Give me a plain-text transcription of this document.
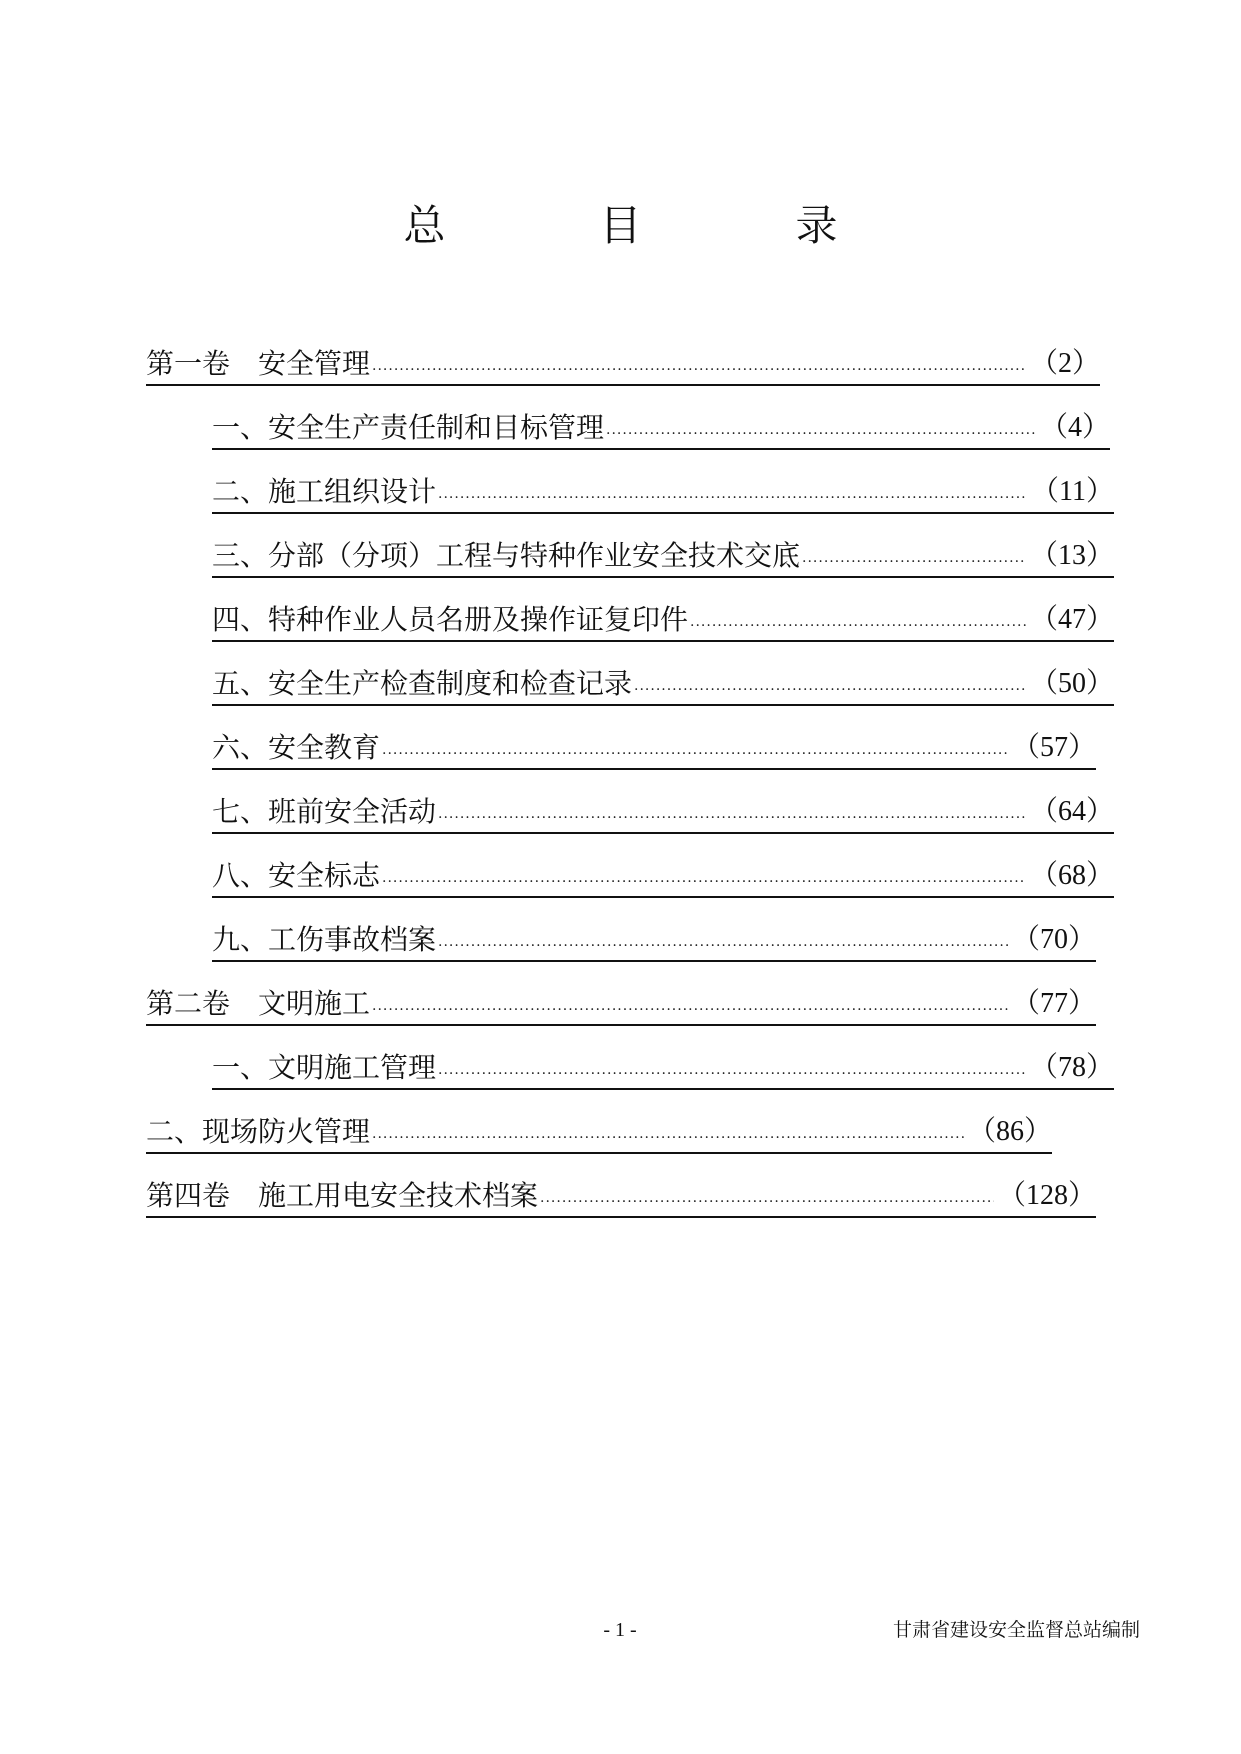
总　目　录
第一卷　安全管理 .....	（2）
一、安全生产责任制和目标管理 .....	（4）
二、施工组织设计 .....	（11）
三、分部（分项）工程与特种作业安全技术交底 .....	（13）
四、特种作业人员名册及操作证复印件 .....	（47）
五、安全生产检查制度和检查记录 .....	（50）
六、安全教育 .....	（57）
七、班前安全活动 .....	（64）
八、安全标志 .....	（68）
九、工伤事故档案 .....	（70）
第二卷　文明施工 .....	（77）
一、文明施工管理 .....	（78）
二、现场防火管理 .....	（86）
第四卷　施工用电安全技术档案 .....	（128）
- 1 -	甘肃省建设安全监督总站编制
